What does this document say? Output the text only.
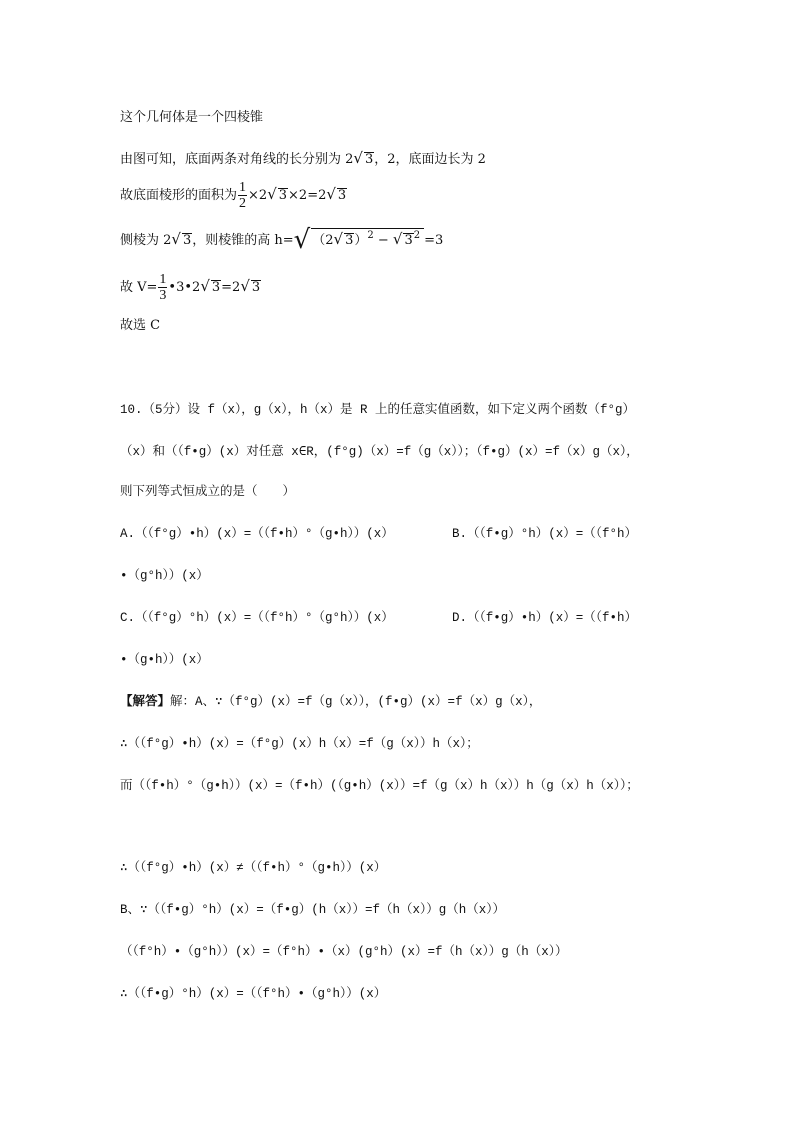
这个几何体是一个四棱锥
由图可知，底面两条对角线的长分别为 2√ 3，2，底面边长为 2
故底面棱形的面积为 $\frac{1}{2} \times 2√$ 3×2=2√ 3
侧棱为 2√ 3，则棱锥的高 h=√ （2√ 3）$^2$ − √ $3^2 =3$
故 $V= \frac{1}{3}$ •3•2√ 3=2√ 3
故选 C
10.（5分）设 f（x），g（x），h（x）是 R 上的任意实值函数，如下定义两个函数（f°g）
（x）和（（f•g）(x）对任意 x∈R，(f°g)（x）=f（g（x））；（f•g）(x）=f（x）g（x），
则下列等式恒成立的是（　　）
A.（（f°g）•h）(x）=（（f•h）°（g•h））(x）	B.（（f•g）°h）(x）=（（f°h）
•（g°h））(x）
C.（（f°g）°h）(x）=（（f°h）°（g°h））(x）	D.（（f•g）•h）(x）=（（f•h）
•（g•h））(x）
【解答】解：A、∵（f°g）(x）=f（g（x）），(f•g）(x）=f（x）g（x），
∴（（f°g）•h）(x）=（f°g）(x）h（x）=f（g（x））h（x）；
而（（f•h）°（g•h））(x）=（f•h）(（g•h）(x））=f（g（x）h（x））h（g（x）h（x））；
∴（（f°g）•h）(x）≠（（f•h）°（g•h））(x）
B、∵（（f•g）°h）(x）=（f•g）(h（x））=f（h（x））g（h（x））
（（f°h）•（g°h））(x）=（f°h）•（x）(g°h）(x）=f（h（x））g（h（x））
∴（（f•g）°h）(x）=（（f°h）•（g°h））(x）
